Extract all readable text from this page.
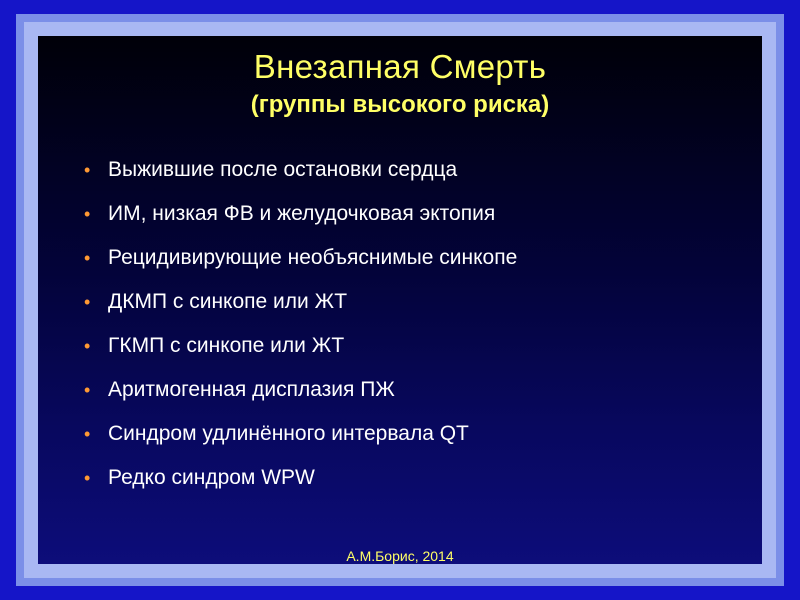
Внезапная Смерть
(группы высокого риска)
• Выжившие после остановки сердца
• ИМ, низкая ФВ и желудочковая эктопия
• Рецидивирующие необъяснимые синкопе
• ДКМП с синкопе или ЖТ
• ГКМП с синкопе или ЖТ
• Аритмогенная дисплазия ПЖ
• Синдром удлинённого интервала QT
• Редко синдром WPW
А.М.Борис, 2014
